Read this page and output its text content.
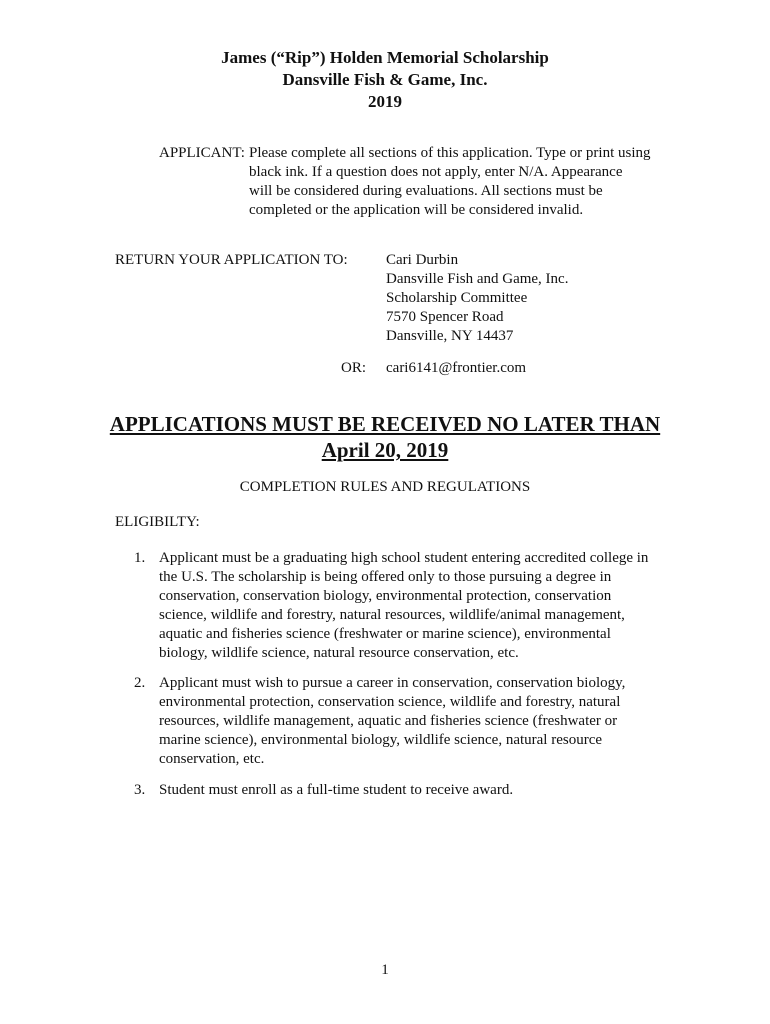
James (“Rip”) Holden Memorial Scholarship
Dansville Fish & Game, Inc.
2019
APPLICANT: Please complete all sections of this application. Type or print using
black ink. If a question does not apply, enter N/A. Appearance
will be considered during evaluations. All sections must be
completed or the application will be considered invalid.
RETURN YOUR APPLICATION TO:	Cari Durbin
Dansville Fish and Game, Inc.
Scholarship Committee
7570 Spencer Road
Dansville, NY 14437
OR: cari6141@frontier.com
APPLICATIONS MUST BE RECEIVED NO LATER THAN
April 20, 2019
COMPLETION RULES AND REGULATIONS
ELIGIBILTY:
1. Applicant must be a graduating high school student entering accredited college in
the U.S. The scholarship is being offered only to those pursuing a degree in
conservation, conservation biology, environmental protection, conservation
science, wildlife and forestry, natural resources, wildlife/animal management,
aquatic and fisheries science (freshwater or marine science), environmental
biology, wildlife science, natural resource conservation, etc.
2. Applicant must wish to pursue a career in conservation, conservation biology,
environmental protection, conservation science, wildlife and forestry, natural
resources, wildlife management, aquatic and fisheries science (freshwater or
marine science), environmental biology, wildlife science, natural resource
conservation, etc.
3. Student must enroll as a full-time student to receive award.
1
